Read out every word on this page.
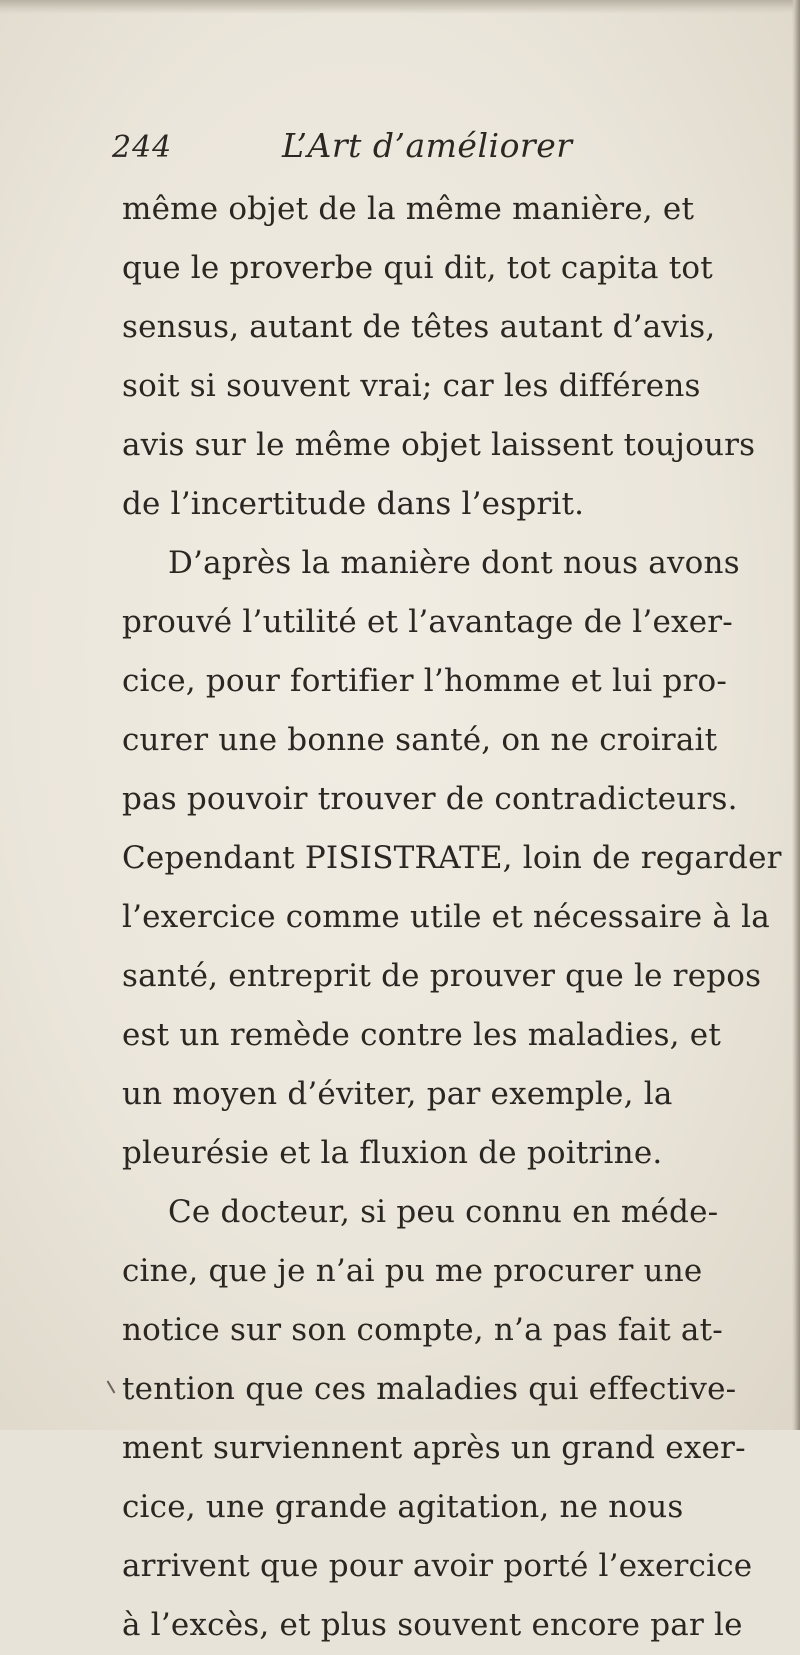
244	L’Art d’améliorer
même objet de la même manière, et
que le proverbe qui dit, tot capita tot
sensus, autant de têtes autant d’avis,
soit si souvent vrai; car les différens
avis sur le même objet laissent toujours
de l’incertitude dans l’esprit.
D’après la manière dont nous avons
prouvé l’utilité et l’avantage de l’exer-
cice, pour fortifier l’homme et lui pro-
curer une bonne santé, on ne croirait
pas pouvoir trouver de contradicteurs.
Cependant PISISTRATE, loin de regarder
l’exercice comme utile et nécessaire à la
santé, entreprit de prouver que le repos
est un remède contre les maladies, et
un moyen d’éviter, par exemple, la
pleurésie et la fluxion de poitrine.
Ce docteur, si peu connu en méde-
cine, que je n’ai pu me procurer une
notice sur son compte, n’a pas fait at-
tention que ces maladies qui effective-
ment surviennent après un grand exer-
cice, une grande agitation, ne nous
arrivent que pour avoir porté l’exercice
à l’excès, et plus souvent encore par le
